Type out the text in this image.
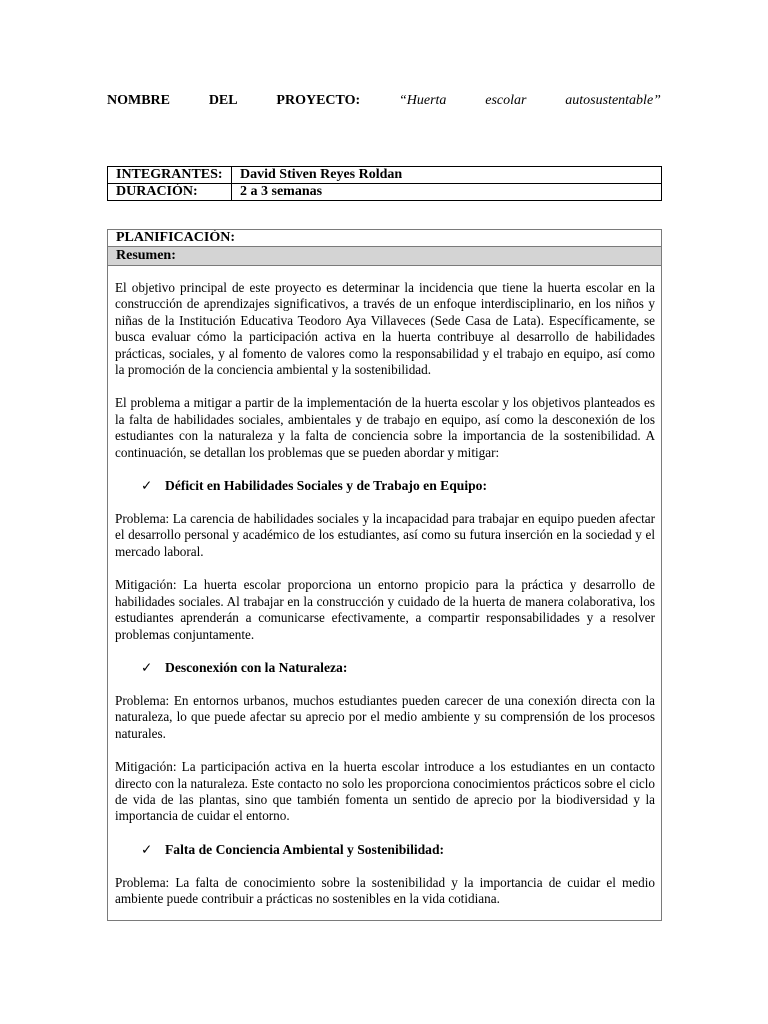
NOMBRE	DEL	PROYECTO:	“Huerta	escolar	autosustentable”
INTEGRANTES:	David Stiven Reyes Roldan
DURACIÓN:	2 a 3 semanas
PLANIFICACIÓN:
Resumen:

El objetivo principal de este proyecto es determinar la incidencia que tiene la huerta escolar en la construcción de aprendizajes significativos, a través de un enfoque interdisciplinario, en los niños y niñas de la Institución Educativa Teodoro Aya Villaveces (Sede Casa de Lata). Específicamente, se busca evaluar cómo la participación activa en la huerta contribuye al desarrollo de habilidades prácticas, sociales, y al fomento de valores como la responsabilidad y el trabajo en equipo, así como la promoción de la conciencia ambiental y la sostenibilidad.

El problema a mitigar a partir de la implementación de la huerta escolar y los objetivos planteados es la falta de habilidades sociales, ambientales y de trabajo en equipo, así como la desconexión de los estudiantes con la naturaleza y la falta de conciencia sobre la importancia de la sostenibilidad. A continuación, se detallan los problemas que se pueden abordar y mitigar:

✓ Déficit en Habilidades Sociales y de Trabajo en Equipo:

Problema: La carencia de habilidades sociales y la incapacidad para trabajar en equipo pueden afectar el desarrollo personal y académico de los estudiantes, así como su futura inserción en la sociedad y el mercado laboral.

Mitigación: La huerta escolar proporciona un entorno propicio para la práctica y desarrollo de habilidades sociales. Al trabajar en la construcción y cuidado de la huerta de manera colaborativa, los estudiantes aprenderán a comunicarse efectivamente, a compartir responsabilidades y a resolver problemas conjuntamente.

✓ Desconexión con la Naturaleza:

Problema: En entornos urbanos, muchos estudiantes pueden carecer de una conexión directa con la naturaleza, lo que puede afectar su aprecio por el medio ambiente y su comprensión de los procesos naturales.

Mitigación: La participación activa en la huerta escolar introduce a los estudiantes en un contacto directo con la naturaleza. Este contacto no solo les proporciona conocimientos prácticos sobre el ciclo de vida de las plantas, sino que también fomenta un sentido de aprecio por la biodiversidad y la importancia de cuidar el entorno.

✓ Falta de Conciencia Ambiental y Sostenibilidad:

Problema: La falta de conocimiento sobre la sostenibilidad y la importancia de cuidar el medio ambiente puede contribuir a prácticas no sostenibles en la vida cotidiana.
